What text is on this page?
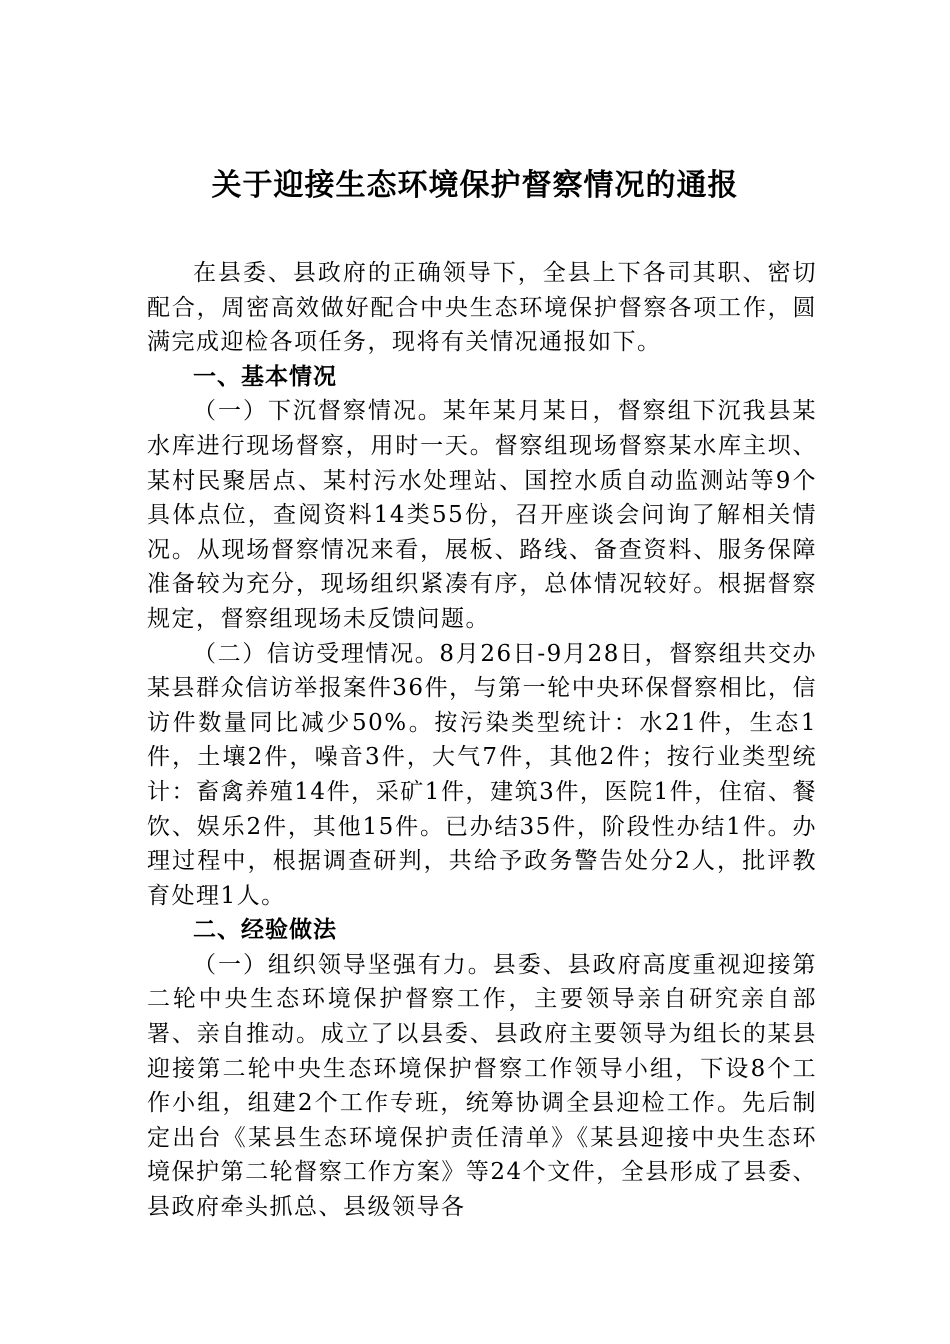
关于迎接生态环境保护督察情况的通报

在县委、县政府的正确领导下，全县上下各司其职、密切配合，周密高效做好配合中央生态环境保护督察各项工作，圆满完成迎检各项任务，现将有关情况通报如下。

一、基本情况

（一）下沉督察情况。某年某月某日，督察组下沉我县某水库进行现场督察，用时一天。督察组现场督察某水库主坝、某村民聚居点、某村污水处理站、国控水质自动监测站等9个具体点位，查阅资料14类55份，召开座谈会问询了解相关情况。从现场督察情况来看，展板、路线、备查资料、服务保障准备较为充分，现场组织紧凑有序，总体情况较好。根据督察规定，督察组现场未反馈问题。

（二）信访受理情况。8月26日-9月28日，督察组共交办某县群众信访举报案件36件，与第一轮中央环保督察相比，信访件数量同比减少50%。按污染类型统计：水21件，生态1件，土壤2件，噪音3件，大气7件，其他2件；按行业类型统计：畜禽养殖14件，采矿1件，建筑3件，医院1件，住宿、餐饮、娱乐2件，其他15件。已办结35件，阶段性办结1件。办理过程中，根据调查研判，共给予政务警告处分2人，批评教育处理1人。

二、经验做法

（一）组织领导坚强有力。县委、县政府高度重视迎接第二轮中央生态环境保护督察工作，主要领导亲自研究亲自部署、亲自推动。成立了以县委、县政府主要领导为组长的某县迎接第二轮中央生态环境保护督察工作领导小组，下设8个工作小组，组建2个工作专班，统筹协调全县迎检工作。先后制定出台《某县生态环境保护责任清单》《某县迎接中央生态环境保护第二轮督察工作方案》等24个文件，全县形成了县委、县政府牵头抓总、县级领导各
